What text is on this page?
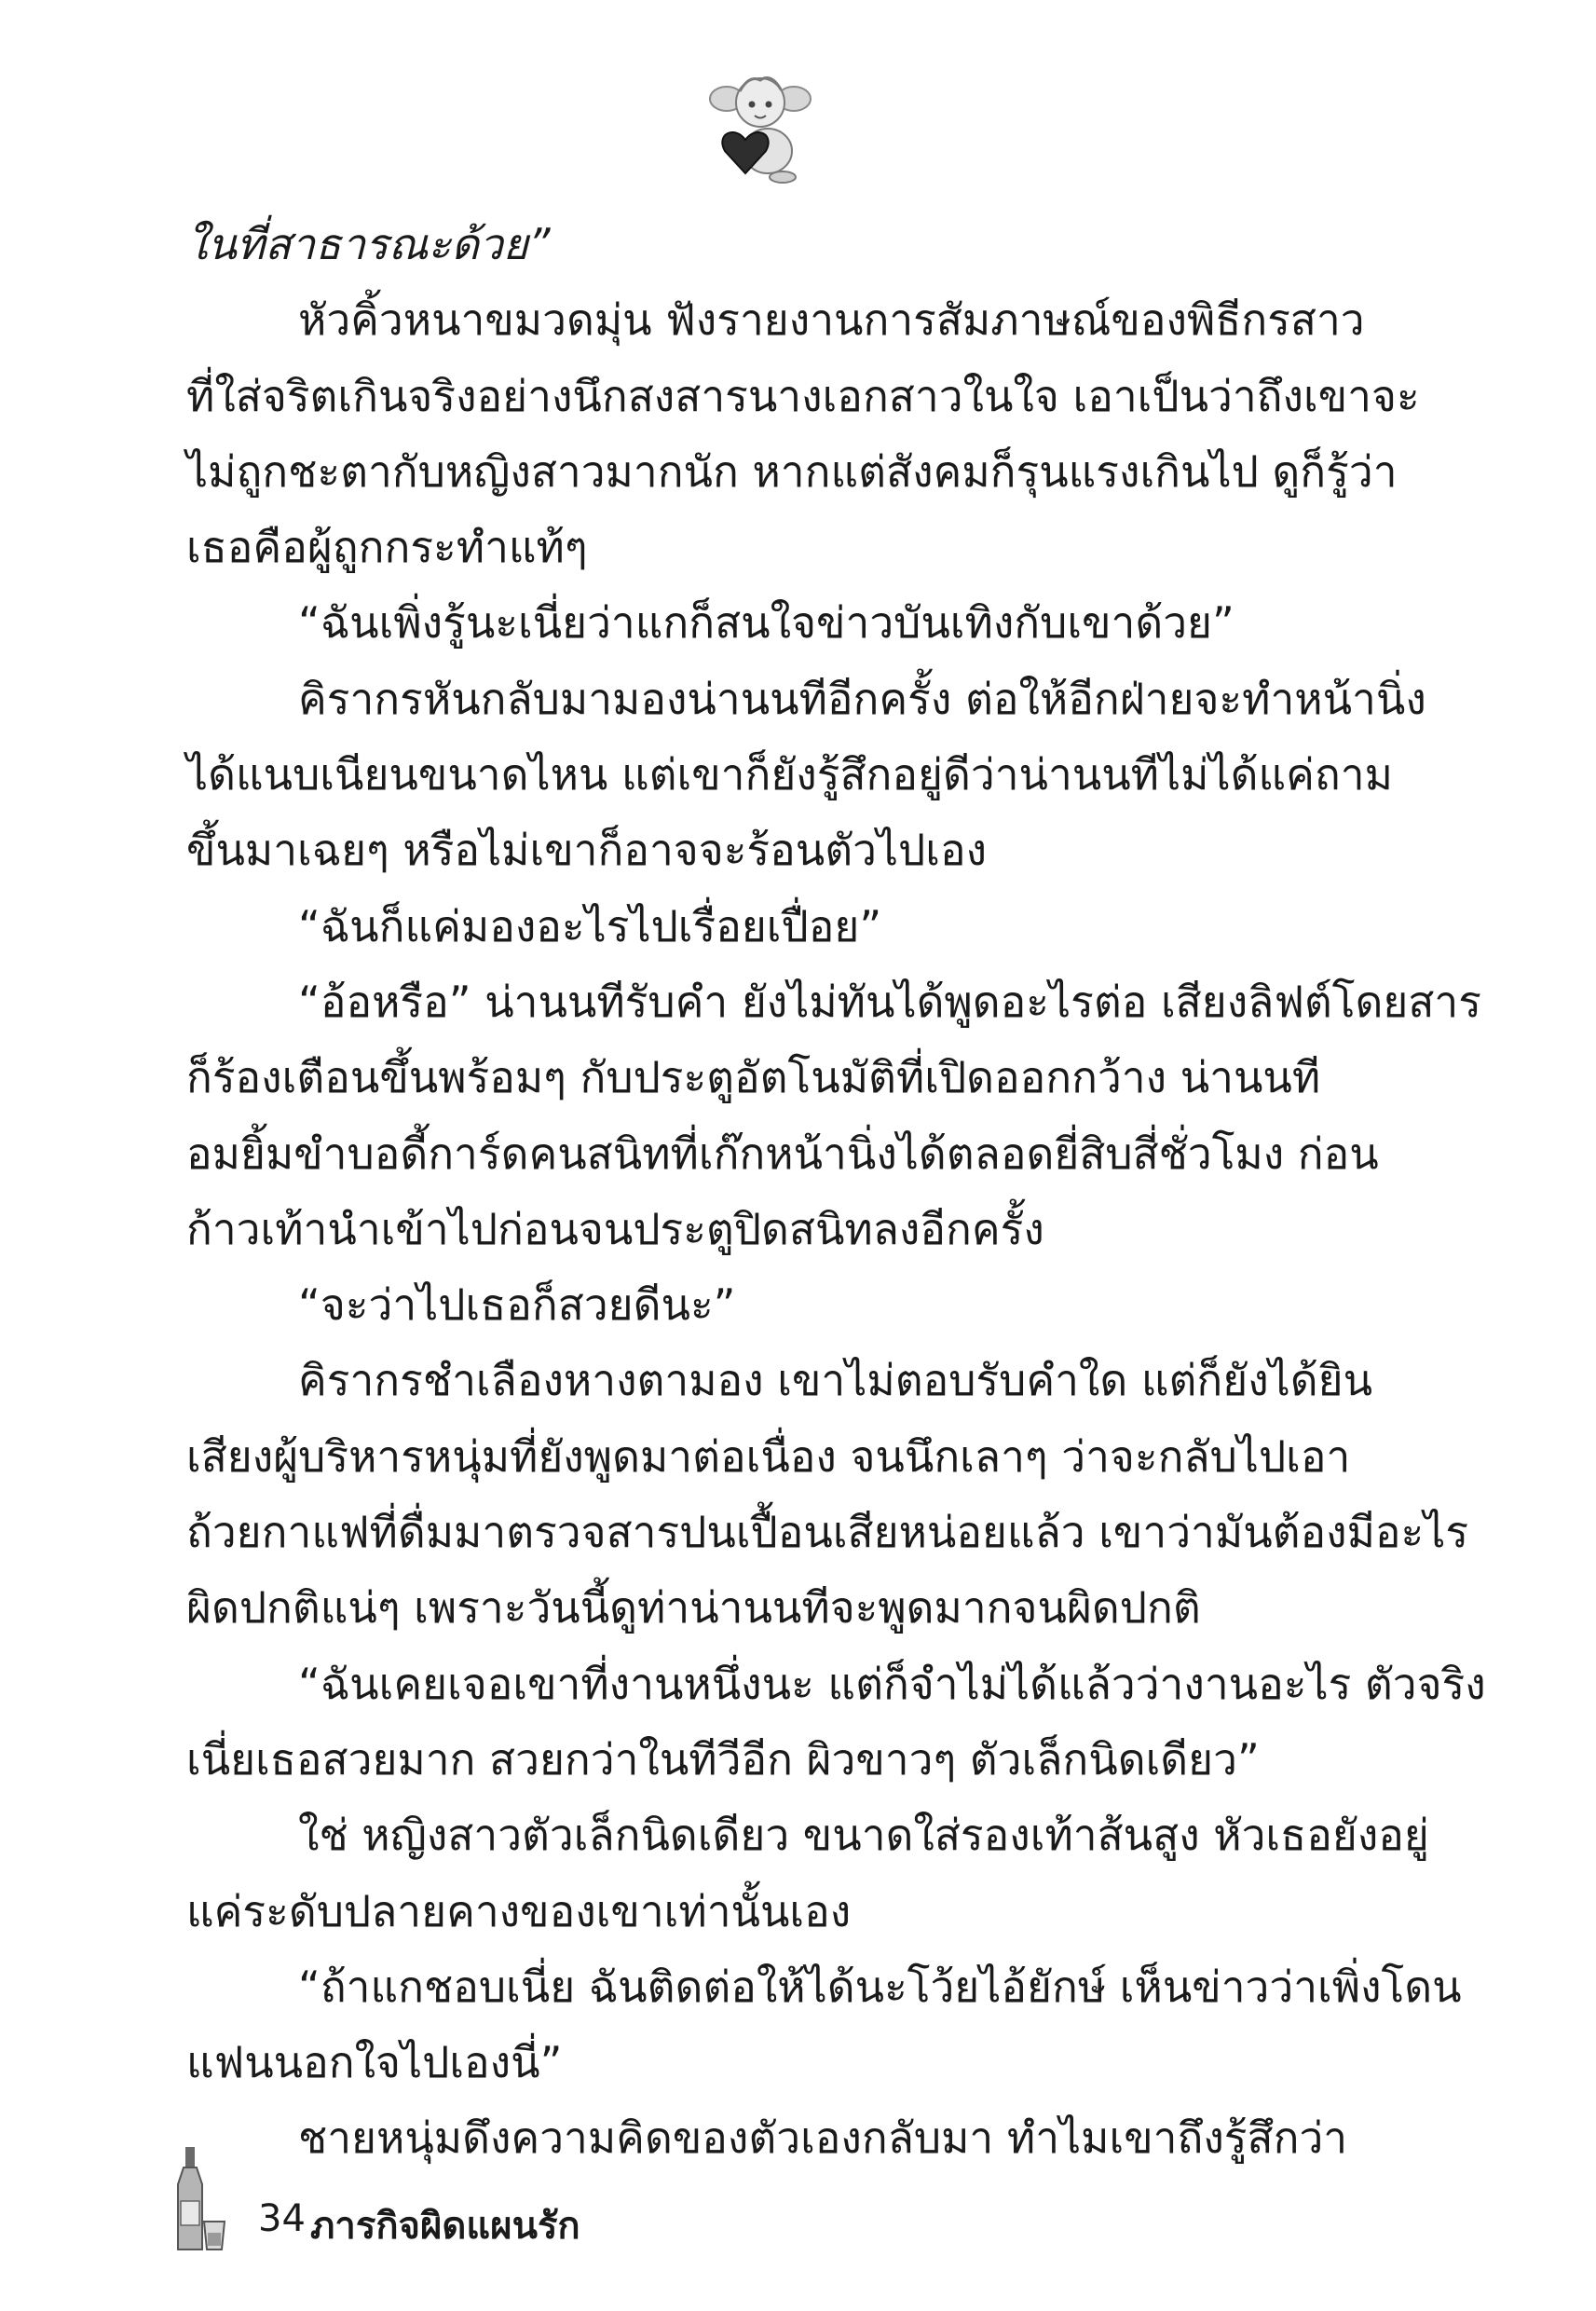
ในที่สาธารณะด้วย”
หัวคิ้วหนาขมวดมุ่น ฟังรายงานการสัมภาษณ์ของพิธีกรสาว
ที่ใส่จริตเกินจริงอย่างนึกสงสารนางเอกสาวในใจ เอาเป็นว่าถึงเขาจะ
ไม่ถูกชะตากับหญิงสาวมากนัก หากแต่สังคมก็รุนแรงเกินไป ดูก็รู้ว่า
เธอคือผู้ถูกกระทำแท้ๆ
“ฉันเพิ่งรู้นะเนี่ยว่าแกก็สนใจข่าวบันเทิงกับเขาด้วย”
คิรากรหันกลับมามองน่านนทีอีกครั้ง ต่อให้อีกฝ่ายจะทำหน้านิ่ง
ได้แนบเนียนขนาดไหน แต่เขาก็ยังรู้สึกอยู่ดีว่าน่านนทีไม่ได้แค่ถาม
ขึ้นมาเฉยๆ หรือไม่เขาก็อาจจะร้อนตัวไปเอง
“ฉันก็แค่มองอะไรไปเรื่อยเปื่อย”
“อ้อหรือ” น่านนทีรับคำ ยังไม่ทันได้พูดอะไรต่อ เสียงลิฟต์โดยสาร
ก็ร้องเตือนขึ้นพร้อมๆ กับประตูอัตโนมัติที่เปิดออกกว้าง น่านนที
อมยิ้มขำบอดี้การ์ดคนสนิทที่เก๊กหน้านิ่งได้ตลอดยี่สิบสี่ชั่วโมง ก่อน
ก้าวเท้านำเข้าไปก่อนจนประตูปิดสนิทลงอีกครั้ง
“จะว่าไปเธอก็สวยดีนะ”
คิรากรชำเลืองหางตามอง เขาไม่ตอบรับคำใด แต่ก็ยังได้ยิน
เสียงผู้บริหารหนุ่มที่ยังพูดมาต่อเนื่อง จนนึกเลาๆ ว่าจะกลับไปเอา
ถ้วยกาแฟที่ดื่มมาตรวจสารปนเปื้อนเสียหน่อยแล้ว เขาว่ามันต้องมีอะไร
ผิดปกติแน่ๆ เพราะวันนี้ดูท่าน่านนทีจะพูดมากจนผิดปกติ
“ฉันเคยเจอเขาที่งานหนึ่งนะ แต่ก็จำไม่ได้แล้วว่างานอะไร ตัวจริง
เนี่ยเธอสวยมาก สวยกว่าในทีวีอีก ผิวขาวๆ ตัวเล็กนิดเดียว”
ใช่ หญิงสาวตัวเล็กนิดเดียว ขนาดใส่รองเท้าส้นสูง หัวเธอยังอยู่
แค่ระดับปลายคางของเขาเท่านั้นเอง
“ถ้าแกชอบเนี่ย ฉันติดต่อให้ได้นะโว้ยไอ้ยักษ์ เห็นข่าวว่าเพิ่งโดน
แฟนนอกใจไปเองนี่”
ชายหนุ่มดึงความคิดของตัวเองกลับมา ทำไมเขาถึงรู้สึกว่า
34 ภารกิจผิดแผนรัก
